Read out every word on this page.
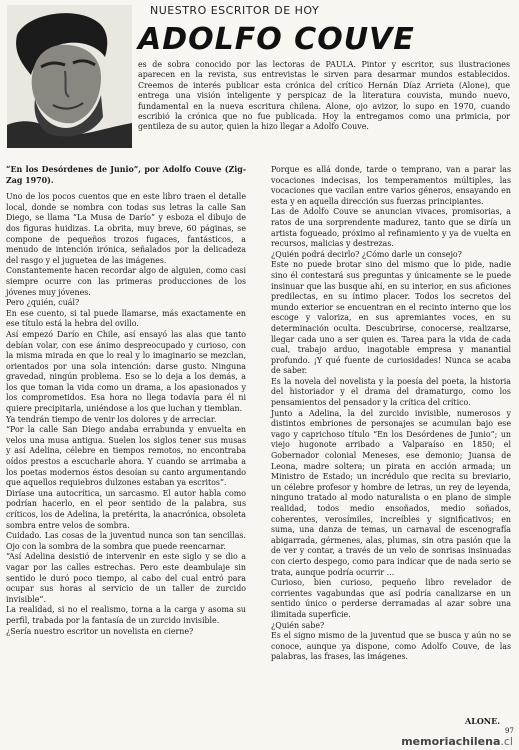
NUESTRO ESCRITOR DE HOY
ADOLFO COUVE
es de sobra conocido por las lectoras de PAULA. Pintor y escritor, sus ilustraciones aparecen en la revista, sus entrevistas le sirven para desarmar mundos establecidos. Creemos de interés publicar esta crónica del crítico Hernán Díaz Arrieta (Alone), que entrega una visión inteligente y perspicaz de la literatura couvista, mundo nuevo, fundamental en la nueva escritura chilena. Alone, ojo avizor, lo supo en 1970, cuando escribió la crónica que no fue publicada. Hoy la entregamos como una primicia, por gentileza de su autor, quien la hizo llegar a Adolfo Couve.

“En los Desórdenes de Junio”, por Adolfo Couve (Zig-Zag 1970).

Uno de los pocos cuentos que en este libro traen el detalle local, donde se nombra con todas sus letras la calle San Diego, se llama “La Musa de Darío” y esboza el dibujo de dos figuras huidizas. La obrita, muy breve, 60 páginas, se compone de pequeños trozos fugaces, fantásticos, a menudo de intención irónica, señalados por la delicadeza del rasgo y el juguetea de las imágenes.

Constantemente hacen recordar algo de alguien, como casi siempre ocurre con las primeras producciones de los jóvenes muy jóvenes.

Pero ¿quién, cuál?

En ese cuento, si tal puede llamarse, más exactamente en ese título está la hebra del ovillo.

Así empezó Darío en Chile, así ensayó las alas que tanto debían volar, con ese ánimo despreocupado y curioso, con la misma mirada en que lo real y lo imaginario se mezclan, orientados por una sola intención: darse gusto. Ninguna gravedad, ningún problema. Eso se lo deja a los demás, a los que toman la vida como un drama, a los apasionados y los comprometidos. Esa hora no llega todavía para él ni quiere precipitarla, uniéndose a los que luchan y tiemblan.

Ya tendrán tiempo de venir los dolores y de arreciar.

“Por la calle San Diego andaba errabunda y envuelta en velos una musa antigua. Suelen los siglos tener sus musas y así Adelina, célebre en tiempos remotos, no encontraba oídos prestos a escucharle ahora. Y cuando se arrimaba a los poetas modernos éstos desoían su canto argumentando que aquellos requiebros dulzones estaban ya escritos”.

Diríase una autocrítica, un sarcasmo. El autor habla como podrían hacerlo, en el peor sentido de la palabra, sus críticos, los de Adelina, la pretérita, la anacrónica, obsoleta sombra entre velos de sombra.

Cuidado. Las cosas de la juventud nunca son tan sencillas. Ojo con la sombra de la sombra que puede reencarnar.

“Así Adelina desistió de intervenir en este siglo y se dio a vagar por las calles estrechas. Pero este deambulaje sin sentido le duró poco tiempo, al cabo del cual entró para ocupar sus horas al servicio de un taller de zurcido invisible”.

La realidad, si no el realismo, torna a la carga y asoma su perfil, trabada por la fantasía de un zurcido invisible.

¿Sería nuestro escritor un novelista en cierne?

Porque es allá donde, tarde o temprano, van a parar las vocaciones indecisas, los temperamentos múltiples, las vocaciones que vacilan entre varios géneros, ensayando en esta y en aquella dirección sus fuerzas principiantes.

Las de Adolfo Couve se anuncian vivaces, promisorias, a ratos de una sorprendente madurez, tanto que se diría un artista fogueado, próximo al refinamiento y ya de vuelta en recursos, malicias y destrezas.

¿Quién podrá decirlo? ¿Cómo darle un consejo?

Este no puede brotar sino del mismo que lo pide, nadie sino él contestará sus preguntas y únicamente se le puede insinuar que las busque ahí, en su interior, en sus aficiones predilectas, en su íntimo placer. Todos los secretos del mundo exterior se encuentran en el recinto interno que los escoge y valoriza, en sus apremiantes voces, en su determinación oculta. Descubrirse, conocerse, realizarse, llegar cada uno a ser quien es. Tarea para la vida de cada cual, trabajo arduo, inagotable empresa y manantial profundo. ¡Y qué fuente de curiosidades! Nunca se acaba de saber.

Es la novela del novelista y la poesía del poeta, la historia del historiador y el drama del dramaturgo, como los pensamientos del pensador y la crítica del crítico.

Junto a Adelina, la del zurcido invisible, numerosos y distintos embriones de personajes se acumulan bajo ese vago y caprichoso título “En los Desórdenes de Junio”; un viejo hugonote arribado a Valparaíso en 1850; el Gobernador colonial Meneses, ese demonio; Juansa de Leona, madre soltera; un pirata en acción armada; un Ministro de Estado; un incrédulo que recita su breviario, un célebre profesor y hombre de letras, un rey de leyenda, ninguno tratado al modo naturalista o en plano de simple realidad, todos medio ensoñados, medio soñados, coherentes, verosímiles, increíbles y significativos; en suma, una danza de temas, un carnaval de escenografía abigarrada, gérmenes, alas, plumas, sin otra pasión que la de ver y contar, a través de un velo de sonrisas insinuadas con cierto despego, como para indicar que de nada serio se trata, aunque podría ocurrir ...

Curioso, bien curioso, pequeño libro revelador de corrientes vagabundas que así podría canalizarse en un sentido único o perderse derramadas al azar sobre una ilimitada superficie.

¿Quién sabe?

Es el signo mismo de la juventud que se busca y aún no se conoce, aunque ya dispone, como Adolfo Couve, de las palabras, las frases, las imágenes.

ALONE.
97
memoriachilena.cl
